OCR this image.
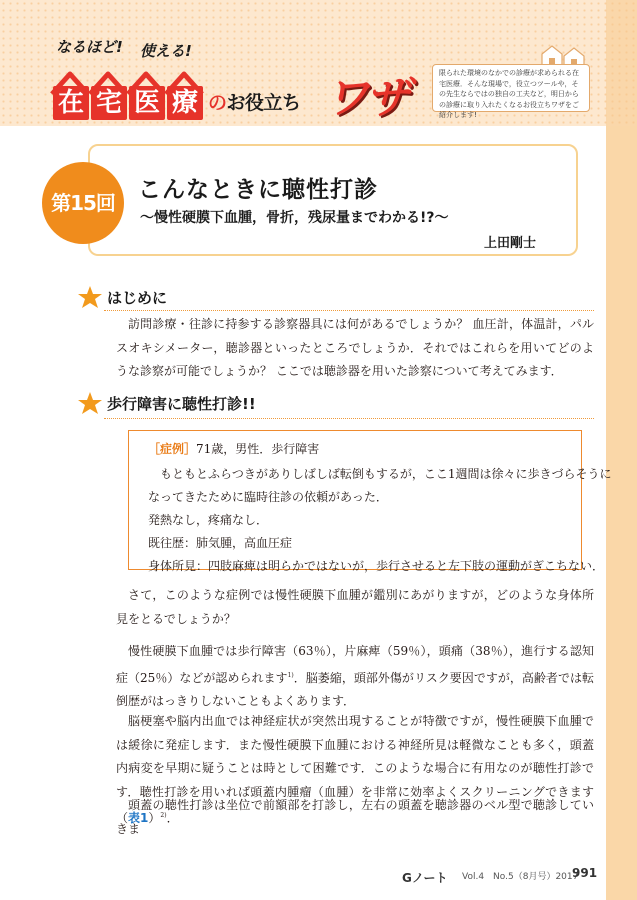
なるほど! 使える!
在 宅 医 療 のお役立ち ワザ	限られた環境のなかでの診療が求められる在宅医療．そんな現場で，役立つツールや，その先生ならではの独自の工夫など，明日からの診療に取り入れたくなるお役立ちワザをご紹介します!
第15回	こんなときに聴性打診
〜慢性硬膜下血腫，骨折，残尿量までわかる!?〜
上田剛士
はじめに

訪問診療・往診に持参する診察器具には何があるでしょうか？ 血圧計，体温計，パルスオキシメーター，聴診器といったところでしょうか．それではこれらを用いてどのような診察が可能でしょうか？ ここでは聴診器を用いた診察について考えてみます．

歩行障害に聴性打診!!
［症例］71歳，男性．歩行障害
もともとふらつきがありしばしば転倒もするが，ここ1週間は徐々に歩きづらそうに
なってきたために臨時往診の依頼があった．
発熱なし，疼痛なし．
既往歴：肺気腫，高血圧症
身体所見：四肢麻痺は明らかではないが，歩行させると左下肢の運動がぎこちない．

さて，このような症例では慢性硬膜下血腫が鑑別にあがりますが，どのような身体所見をとるでしょうか？

慢性硬膜下血腫では歩行障害（63％），片麻痺（59％），頭痛（38％），進行する認知症（25％）などが認められます$^{1)}$．脳萎縮，頭部外傷がリスク要因ですが，高齢者では転倒歴がはっきりしないこともよくあります．

脳梗塞や脳内出血では神経症状が突然出現することが特徴ですが，慢性硬膜下血腫では緩徐に発症します．また慢性硬膜下血腫における神経所見は軽微なことも多く，頭蓋内病変を早期に疑うことは時として困難です．このような場合に有用なのが聴性打診です．聴性打診を用いれば頭蓋内腫瘤（血腫）を非常に効率よくスクリーニングできます（表1）$^{2)}$．

頭蓋の聴性打診は坐位で前額部を打診し，左右の頭蓋を聴診器のベル型で聴診していきま

Gノート Vol.4　No.5（8月号）2017
991
